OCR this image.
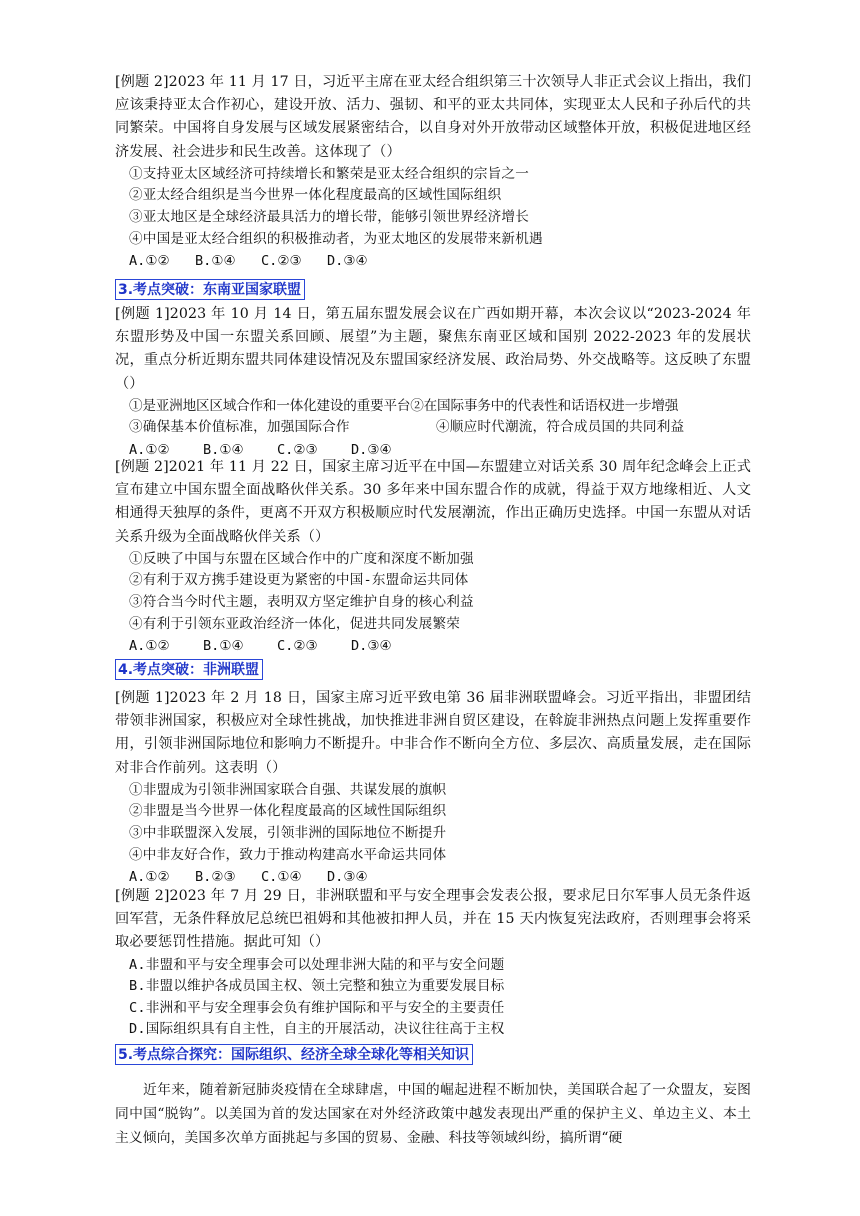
[例题 2]2023 年 11 月 17 日，习近平主席在亚太经合组织第三十次领导人非正式会议上指出，我们应该秉持亚太合作初心，建设开放、活力、强韧、和平的亚太共同体，实现亚太人民和子孙后代的共同繁荣。中国将自身发展与区域发展紧密结合，以自身对外开放带动区域整体开放，积极促进地区经济发展、社会进步和民生改善。这体现了（）

①支持亚太区域经济可持续增长和繁荣是亚太经合组织的宗旨之一

②亚太经合组织是当今世界一体化程度最高的区域性国际组织

③亚太地区是全球经济最具活力的增长带，能够引领世界经济增长

④中国是亚太经合组织的积极推动者，为亚太地区的发展带来新机遇

A.①② B.①④ C.②③ D.③④

3.考点突破：东南亚国家联盟

[例题 1]2023 年 10 月 14 日，第五届东盟发展会议在广西如期开幕，本次会议以“2023-2024 年东盟形势及中国一东盟关系回顾、展望”为主题，聚焦东南亚区域和国别 2022-2023 年的发展状况，重点分析近期东盟共同体建设情况及东盟国家经济发展、政治局势、外交战略等。这反映了东盟（）

①是亚洲地区区域合作和一体化建设的重要平台②在国际事务中的代表性和话语权进一步增强

③确保基本价值标准，加强国际合作	④顺应时代潮流，符合成员国的共同利益

A.①② B.①④ C.②③ D.③④

[例题 2]2021 年 11 月 22 日，国家主席习近平在中国—东盟建立对话关系 30 周年纪念峰会上正式宣布建立中国东盟全面战略伙伴关系。30 多年来中国东盟合作的成就，得益于双方地缘相近、人文相通得天独厚的条件，更离不开双方积极顺应时代发展潮流，作出正确历史选择。中国一东盟从对话关系升级为全面战略伙伴关系（）

①反映了中国与东盟在区域合作中的广度和深度不断加强

②有利于双方携手建设更为紧密的中国-东盟命运共同体

③符合当今时代主题，表明双方坚定维护自身的核心利益

④有利于引领东亚政治经济一体化，促进共同发展繁荣

A.①② B.①④ C.②③ D.③④

4.考点突破：非洲联盟

[例题 1]2023 年 2 月 18 日，国家主席习近平致电第 36 届非洲联盟峰会。习近平指出，非盟团结带领非洲国家，积极应对全球性挑战，加快推进非洲自贸区建设，在斡旋非洲热点问题上发挥重要作用，引领非洲国际地位和影响力不断提升。中非合作不断向全方位、多层次、高质量发展，走在国际对非合作前列。这表明（）

①非盟成为引领非洲国家联合自强、共谋发展的旗帜

②非盟是当今世界一体化程度最高的区域性国际组织

③中非联盟深入发展，引领非洲的国际地位不断提升

④中非友好合作，致力于推动构建高水平命运共同体

A.①② B.②③ C.①④ D.③④

[例题 2]2023 年 7 月 29 日，非洲联盟和平与安全理事会发表公报，要求尼日尔军事人员无条件返回军营，无条件释放尼总统巴祖姆和其他被扣押人员，并在 15 天内恢复宪法政府，否则理事会将采取必要惩罚性措施。据此可知（）

A.非盟和平与安全理事会可以处理非洲大陆的和平与安全问题

B.非盟以维护各成员国主权、领土完整和独立为重要发展目标

C.非洲和平与安全理事会负有维护国际和平与安全的主要责任

D.国际组织具有自主性，自主的开展活动，决议往往高于主权

5.考点综合探究：国际组织、经济全球全球化等相关知识

近年来，随着新冠肺炎疫情在全球肆虐，中国的崛起进程不断加快，美国联合起了一众盟友，妄图同中国“脱钩”。以美国为首的发达国家在对外经济政策中越发表现出严重的保护主义、单边主义、本土主义倾向，美国多次单方面挑起与多国的贸易、金融、科技等领域纠纷，搞所谓“硬
